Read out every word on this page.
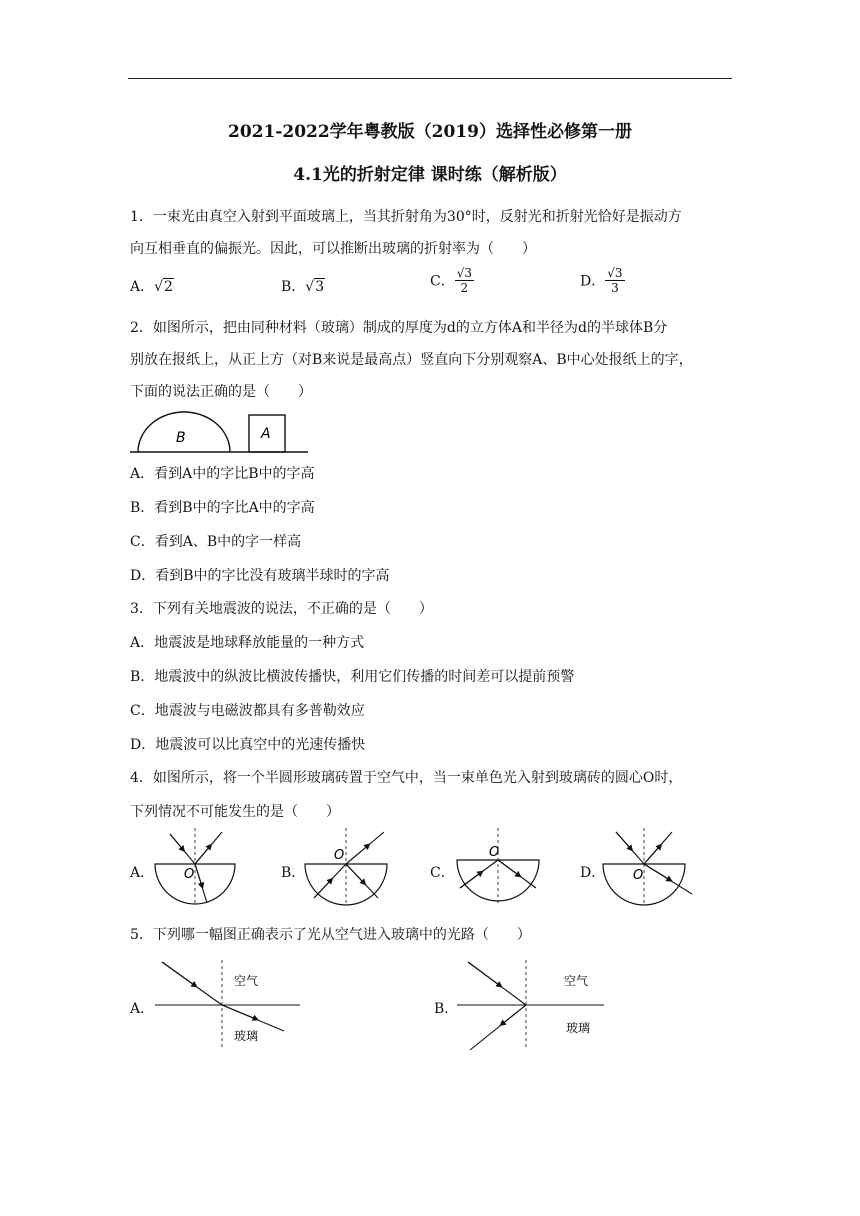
2021-2022学年粤教版（2019）选择性必修第一册
4.1光的折射定律 课时练（解析版）
1．一束光由真空入射到平面玻璃上，当其折射角为30°时，反射光和折射光恰好是振动方
向互相垂直的偏振光。因此，可以推断出玻璃的折射率为（　　）
A．√2	B．√3	C． $\frac{√3}{2}$	D． $\frac{√3}{3}$
2．如图所示，把由同种材料（玻璃）制成的厚度为d的立方体A和半径为d的半球体B分
别放在报纸上，从正上方（对B来说是最高点）竖直向下分别观察A、B中心处报纸上的字，
下面的说法正确的是（　　）
B	A
A．看到A中的字比B中的字高
B．看到B中的字比A中的字高
C．看到A、B中的字一样高
D．看到B中的字比没有玻璃半球时的字高
3．下列有关地震波的说法，不正确的是（　　）
A．地震波是地球释放能量的一种方式
B．地震波中的纵波比横波传播快，利用它们传播的时间差可以提前预警
C．地震波与电磁波都具有多普勒效应
D．地震波可以比真空中的光速传播快
4．如图所示，将一个半圆形玻璃砖置于空气中，当一束单色光入射到玻璃砖的圆心O时，
下列情况不可能发生的是（　　）
A． O	B．
O
C．
O
D． O
5．下列哪一幅图正确表示了光从空气进入玻璃中的光路（　　）
A．
空气
玻璃
B．
空气
玻璃
